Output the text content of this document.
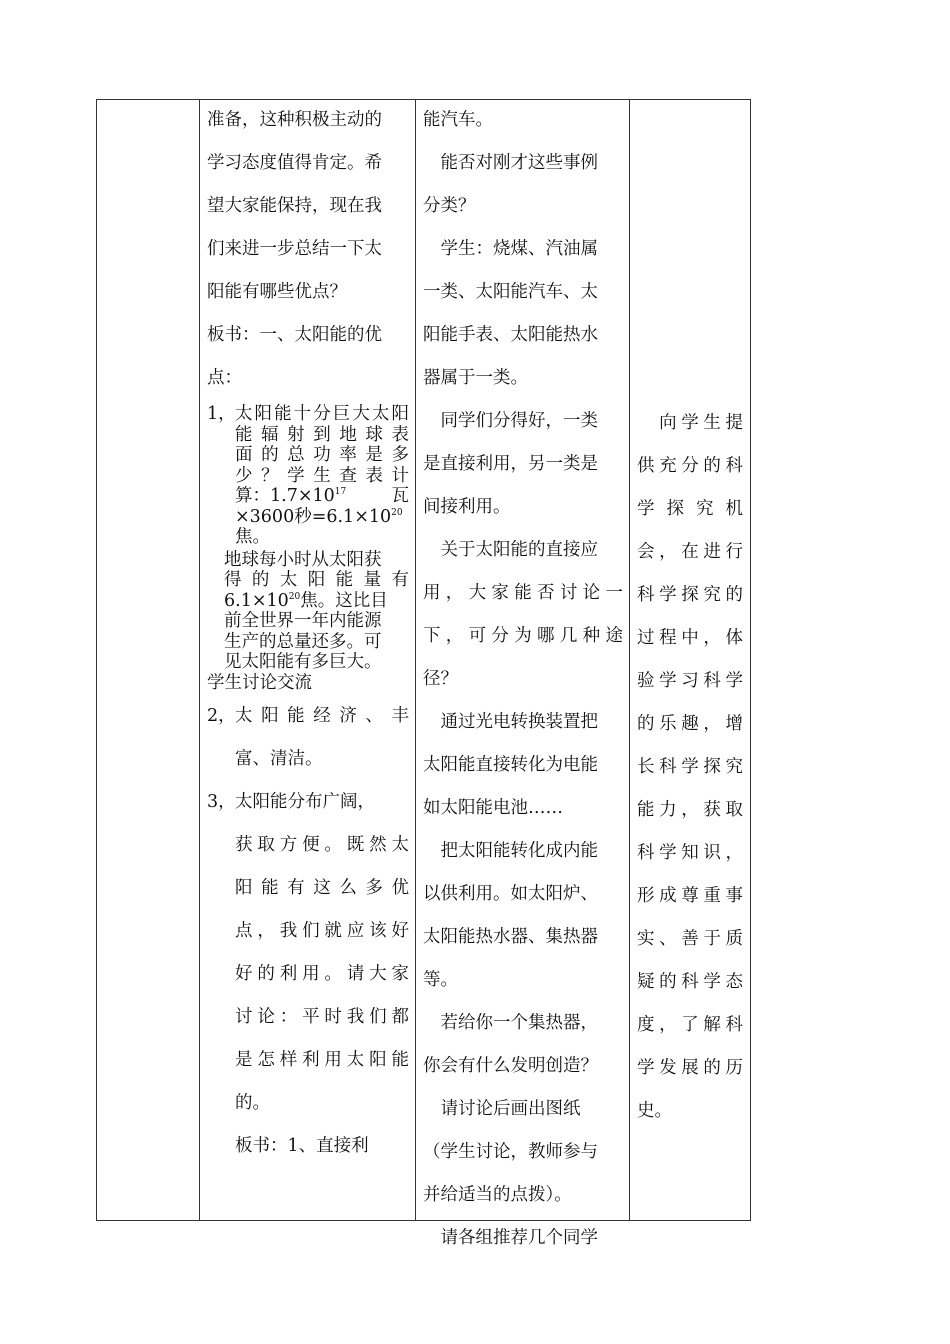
准备，这种积极主动的

学习态度值得肯定。希

望大家能保持，现在我

们来进一步总结一下太

阳能有哪些优点？

板书：一、太阳能的优

点：

1， 太阳能十分巨大太阳

能辐射到地球表

面的总功率是多

少？学生查表计

算：$1.7\times 10^{17}$	瓦

×3600秒$=6.1\times 10^{20}$

焦。

地球每小时从太阳获

得的太阳能量有

$6.1\times 10^{20}$焦。这比目

前全世界一年内能源

生产的总量还多。可

见太阳能有多巨大。

学生讨论交流

2， 太阳能经济、丰

富、清洁。

3， 太阳能分布广阔，

获取方便。既然太

阳能有这么多优

点，我们就应该好

好的利用。请大家

讨论：平时我们都

是怎样利用太阳能

的。

板书：1、直接利

能汽车。

　能否对刚才这些事例

分类？

　学生：烧煤、汽油属

一类、太阳能汽车、太

阳能手表、太阳能热水

器属于一类。

　同学们分得好，一类

是直接利用，另一类是

间接利用。

　关于太阳能的直接应

用，大家能否讨论一

下，可分为哪几种途

径？

　通过光电转换装置把

太阳能直接转化为电能

如太阳能电池……

　把太阳能转化成内能

以供利用。如太阳炉、

太阳能热水器、集热器

等。

　若给你一个集热器，

你会有什么发明创造？

　请讨论后画出图纸

（学生讨论，教师参与

并给适当的点拨）。

　请各组推荐几个同学

　向学生提

供充分的科

学探究机

会，在进行

科学探究的

过程中，体

验学习科学

的乐趣，增

长科学探究

能力，获取

科学知识，

形成尊重事

实、善于质

疑的科学态

度，了解科

学发展的历

史。
